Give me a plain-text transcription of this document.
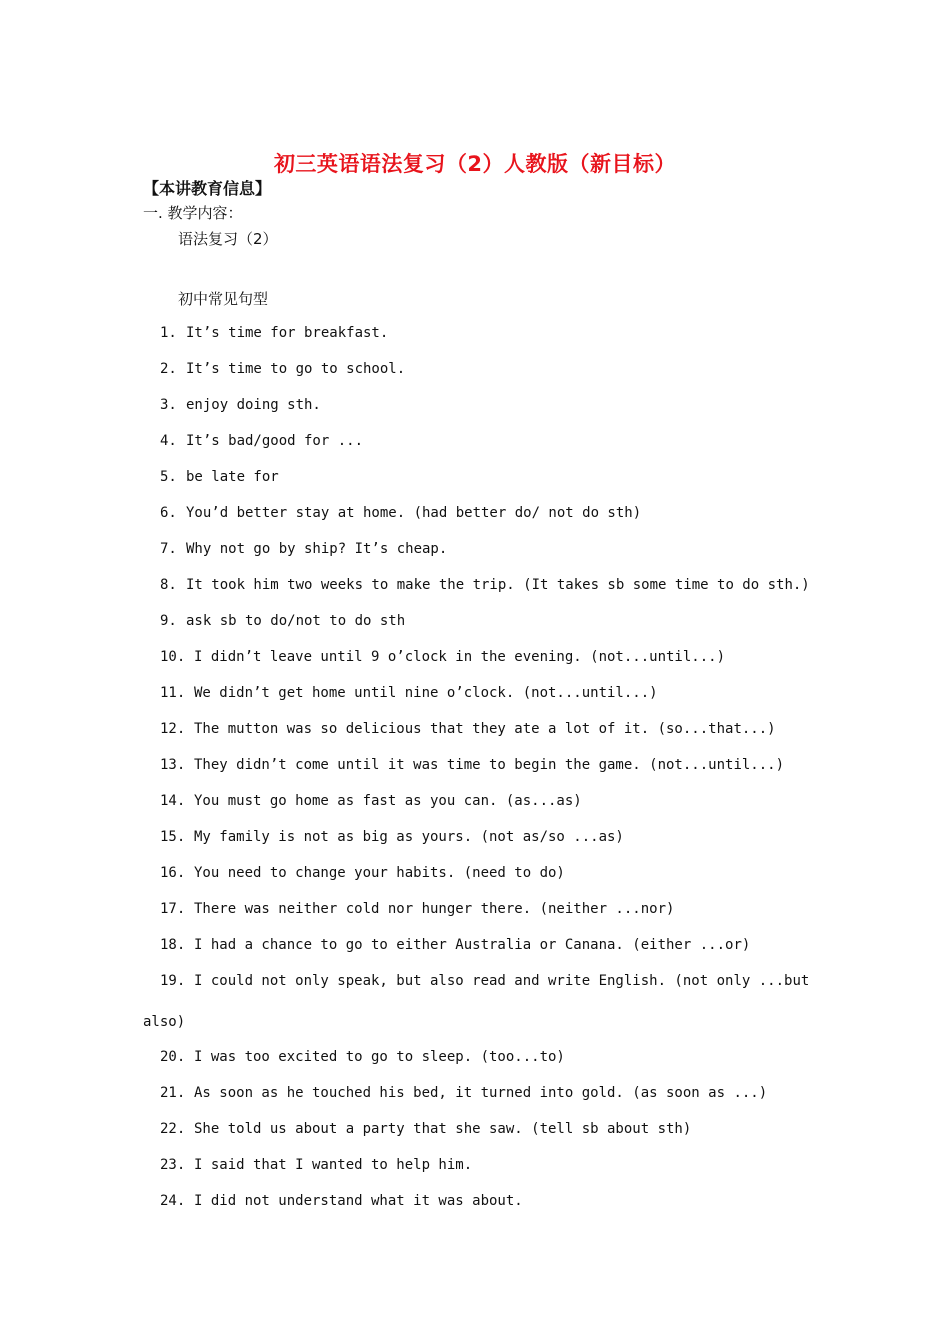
初三英语语法复习（2）人教版（新目标）
【本讲教育信息】
一. 教学内容：
语法复习（2）
初中常见句型
1. It’s time for breakfast.
2. It’s time to go to school.
3. enjoy doing sth.
4. It’s bad/good for ...
5. be late for
6. You’d better stay at home. (had better do/ not do sth)
7. Why not go by ship? It’s cheap.
8. It took him two weeks to make the trip. (It takes sb some time to do sth.)
9. ask sb to do/not to do sth
10. I didn’t leave until 9 o’clock in the evening. (not...until...)
11. We didn’t get home until nine o’clock. (not...until...)
12. The mutton was so delicious that they ate a lot of it. (so...that...)
13. They didn’t come until it was time to begin the game. (not...until...)
14. You must go home as fast as you can. (as...as)
15. My family is not as big as yours. (not as/so ...as)
16. You need to change your habits. (need to do)
17. There was neither cold nor hunger there. (neither ...nor)
18. I had a chance to go to either Australia or Canana. (either ...or)
19. I could not only speak, but also read and write English. (not only ...but
also)
20. I was too excited to go to sleep. (too...to)
21. As soon as he touched his bed, it turned into gold. (as soon as ...)
22. She told us about a party that she saw. (tell sb about sth)
23. I said that I wanted to help him.
24. I did not understand what it was about.
